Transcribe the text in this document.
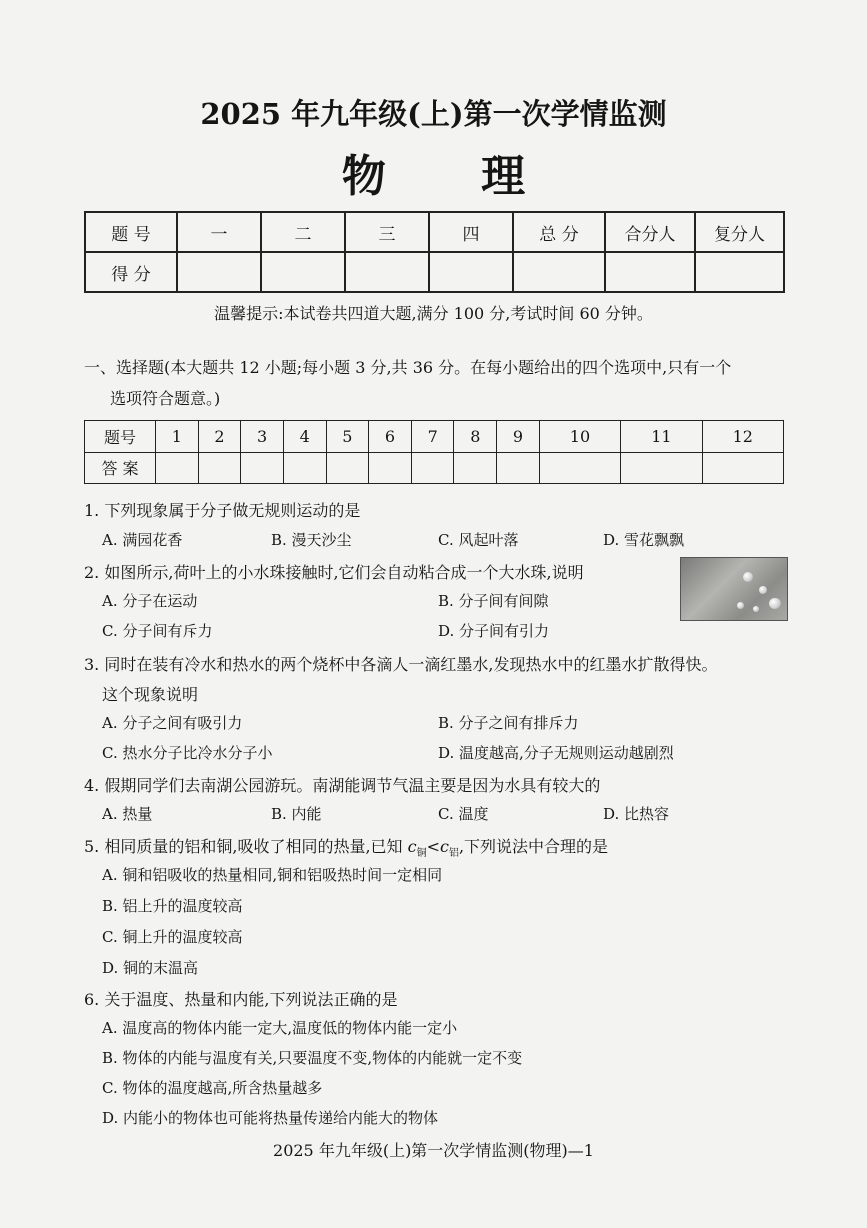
2025 年九年级(上)第一次学情监测
物 理
题 号	一	二	三	四	总 分	合分人	复分人
得 分							
温馨提示:本试卷共四道大题,满分 100 分,考试时间 60 分钟。
一、选择题(本大题共 12 小题;每小题 3 分,共 36 分。在每小题给出的四个选项中,只有一个
选项符合题意。)
题号	1	2	3	4	5	6	7	8	9	10	11	12
答 案												
1. 下列现象属于分子做无规则运动的是
A. 满园花香	B. 漫天沙尘	C. 风起叶落	D. 雪花飘飘
2. 如图所示,荷叶上的小水珠接触时,它们会自动粘合成一个大水珠,说明
A. 分子在运动	B. 分子间有间隙
C. 分子间有斥力	D. 分子间有引力
3. 同时在装有冷水和热水的两个烧杯中各滴人一滴红墨水,发现热水中的红墨水扩散得快。
这个现象说明
A. 分子之间有吸引力	B. 分子之间有排斥力
C. 热水分子比冷水分子小	D. 温度越高,分子无规则运动越剧烈
4. 假期同学们去南湖公园游玩。南湖能调节气温主要是因为水具有较大的
A. 热量	B. 内能	C. 温度	D. 比热容
5. 相同质量的铝和铜,吸收了相同的热量,已知 $c_铜<c_铝$,下列说法中合理的是
A. 铜和铝吸收的热量相同,铜和铝吸热时间一定相同
B. 铝上升的温度较高
C. 铜上升的温度较高
D. 铜的末温高
6. 关于温度、热量和内能,下列说法正确的是
A. 温度高的物体内能一定大,温度低的物体内能一定小
B. 物体的内能与温度有关,只要温度不变,物体的内能就一定不变
C. 物体的温度越高,所含热量越多
D. 内能小的物体也可能将热量传递给内能大的物体
2025 年九年级(上)第一次学情监测(物理)—1
